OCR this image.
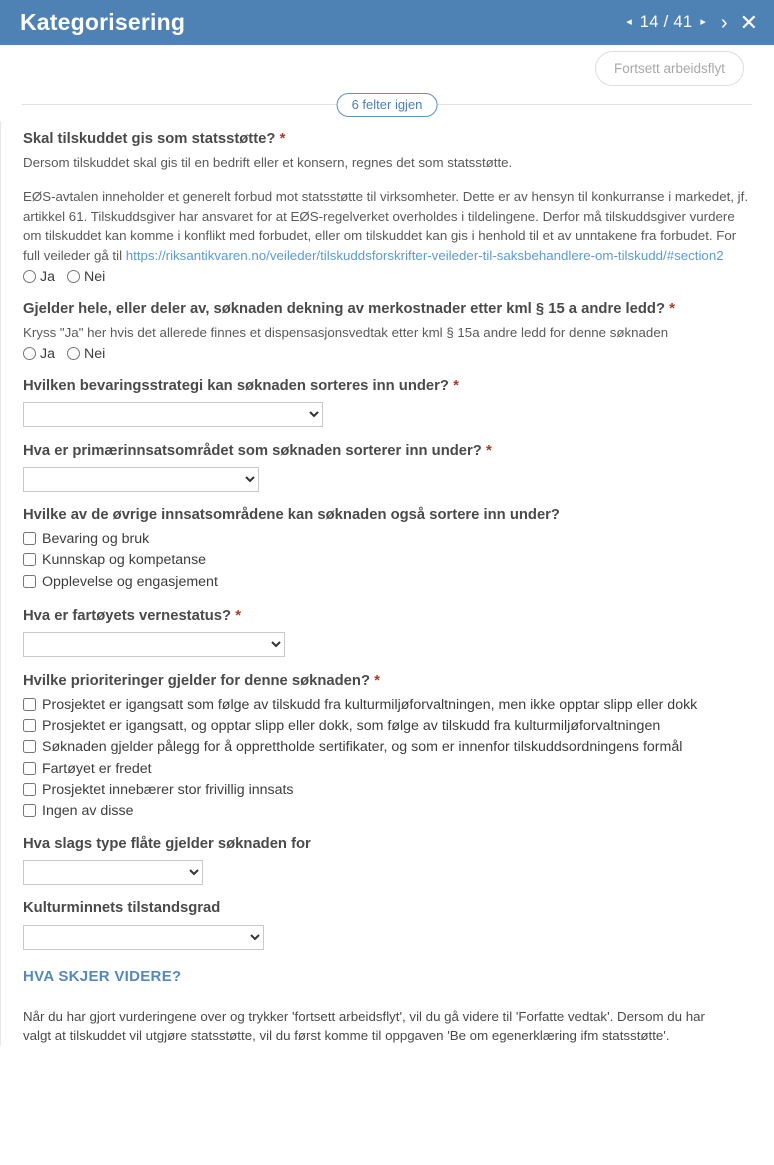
Kategorisering	◂ 14 / 41 ▸ › ✕
Fortsett arbeidsflyt
6 felter igjen
Skal tilskuddet gis som statsstøtte? *

Dersom tilskuddet skal gis til en bedrift eller et konsern, regnes det som statsstøtte.

EØS-avtalen inneholder et generelt forbud mot statsstøtte til virksomheter. Dette er av hensyn til konkurranse i markedet, jf. artikkel 61. Tilskuddsgiver har ansvaret for at EØS-regelverket overholdes i tildelingene. Derfor må tilskuddsgiver vurdere om tilskuddet kan komme i konflikt med forbudet, eller om tilskuddet kan gis i henhold til et av unntakene fra forbudet. For full veileder gå til https://riksantikvaren.no/veileder/tilskuddsforskrifter-veileder-til-saksbehandlere-om-tilskudd/#section2

Ja Nei
Gjelder hele, eller deler av, søknaden dekning av merkostnader etter kml § 15 a andre ledd? *

Kryss "Ja" her hvis det allerede finnes et dispensasjonsvedtak etter kml § 15a andre ledd for denne søknaden

Ja Nei
Hvilken bevaringsstrategi kan søknaden sorteres inn under? *
Hva er primærinnsatsområdet som søknaden sorterer inn under? *
Hvilke av de øvrige innsatsområdene kan søknaden også sortere inn under?
Bevaring og bruk
Kunnskap og kompetanse
Opplevelse og engasjement
Hva er fartøyets vernestatus? *
Hvilke prioriteringer gjelder for denne søknaden? *
Prosjektet er igangsatt som følge av tilskudd fra kulturmiljøforvaltningen, men ikke opptar slipp eller dokk
Prosjektet er igangsatt, og opptar slipp eller dokk, som følge av tilskudd fra kulturmiljøforvaltningen
Søknaden gjelder pålegg for å opprettholde sertifikater, og som er innenfor tilskuddsordningens formål
Fartøyet er fredet
Prosjektet innebærer stor frivillig innsats
Ingen av disse
Hva slags type flåte gjelder søknaden for
Kulturminnets tilstandsgrad
HVA SKJER VIDERE?

Når du har gjort vurderingene over og trykker 'fortsett arbeidsflyt', vil du gå videre til 'Forfatte vedtak'. Dersom du har valgt at tilskuddet vil utgjøre statsstøtte, vil du først komme til oppgaven 'Be om egenerklæring ifm statsstøtte'.
